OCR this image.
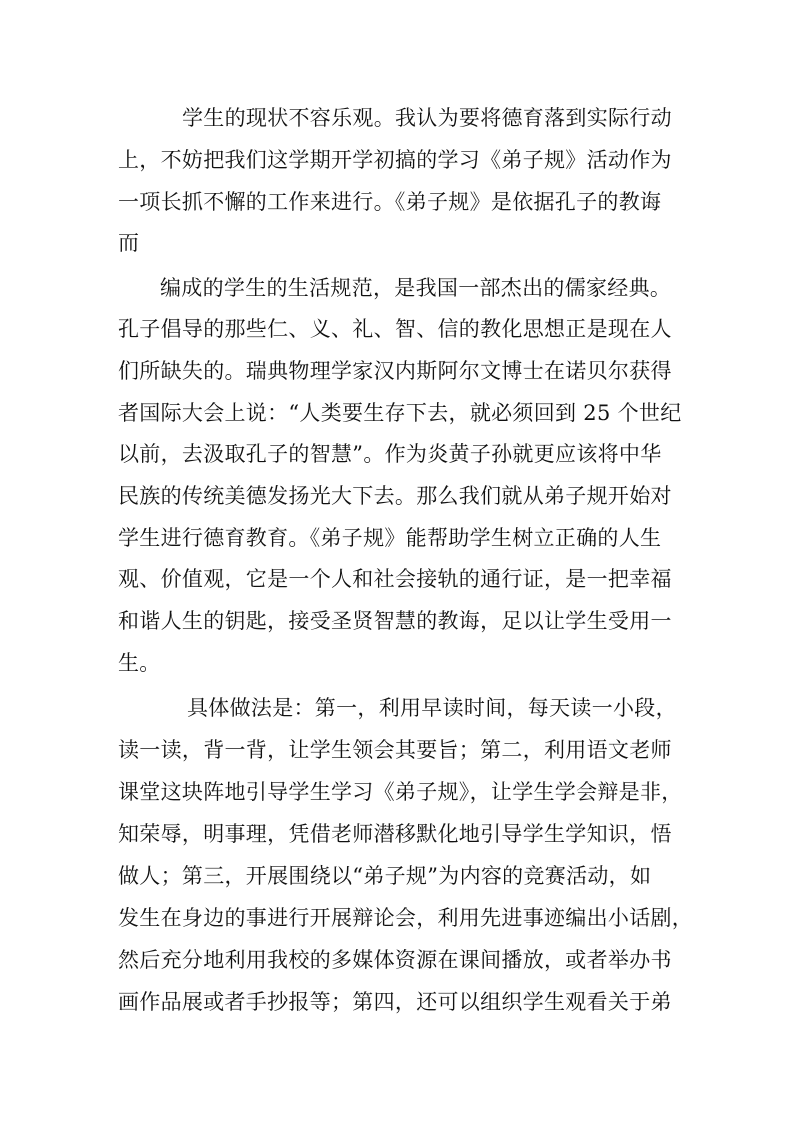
学生的现状不容乐观。我认为要将德育落到实际行动
上，不妨把我们这学期开学初搞的学习《弟子规》活动作为
一项长抓不懈的工作来进行。《弟子规》是依据孔子的教诲
而
编成的学生的生活规范，是我国一部杰出的儒家经典。
孔子倡导的那些仁、义、礼、智、信的教化思想正是现在人
们所缺失的。瑞典物理学家汉内斯阿尔文博士在诺贝尔获得
者国际大会上说：“人类要生存下去，就必须回到 25 个世纪
以前，去汲取孔子的智慧”。作为炎黄子孙就更应该将中华
民族的传统美德发扬光大下去。那么我们就从弟子规开始对
学生进行德育教育。《弟子规》能帮助学生树立正确的人生
观、价值观，它是一个人和社会接轨的通行证，是一把幸福
和谐人生的钥匙，接受圣贤智慧的教诲，足以让学生受用一
生。
具体做法是：第一，利用早读时间，每天读一小段，
读一读，背一背，让学生领会其要旨；第二，利用语文老师
课堂这块阵地引导学生学习《弟子规》，让学生学会辩是非，
知荣辱，明事理，凭借老师潜移默化地引导学生学知识，悟
做人；第三，开展围绕以“弟子规”为内容的竞赛活动，如
发生在身边的事进行开展辩论会，利用先进事迹编出小话剧，
然后充分地利用我校的多媒体资源在课间播放，或者举办书
画作品展或者手抄报等；第四，还可以组织学生观看关于弟
